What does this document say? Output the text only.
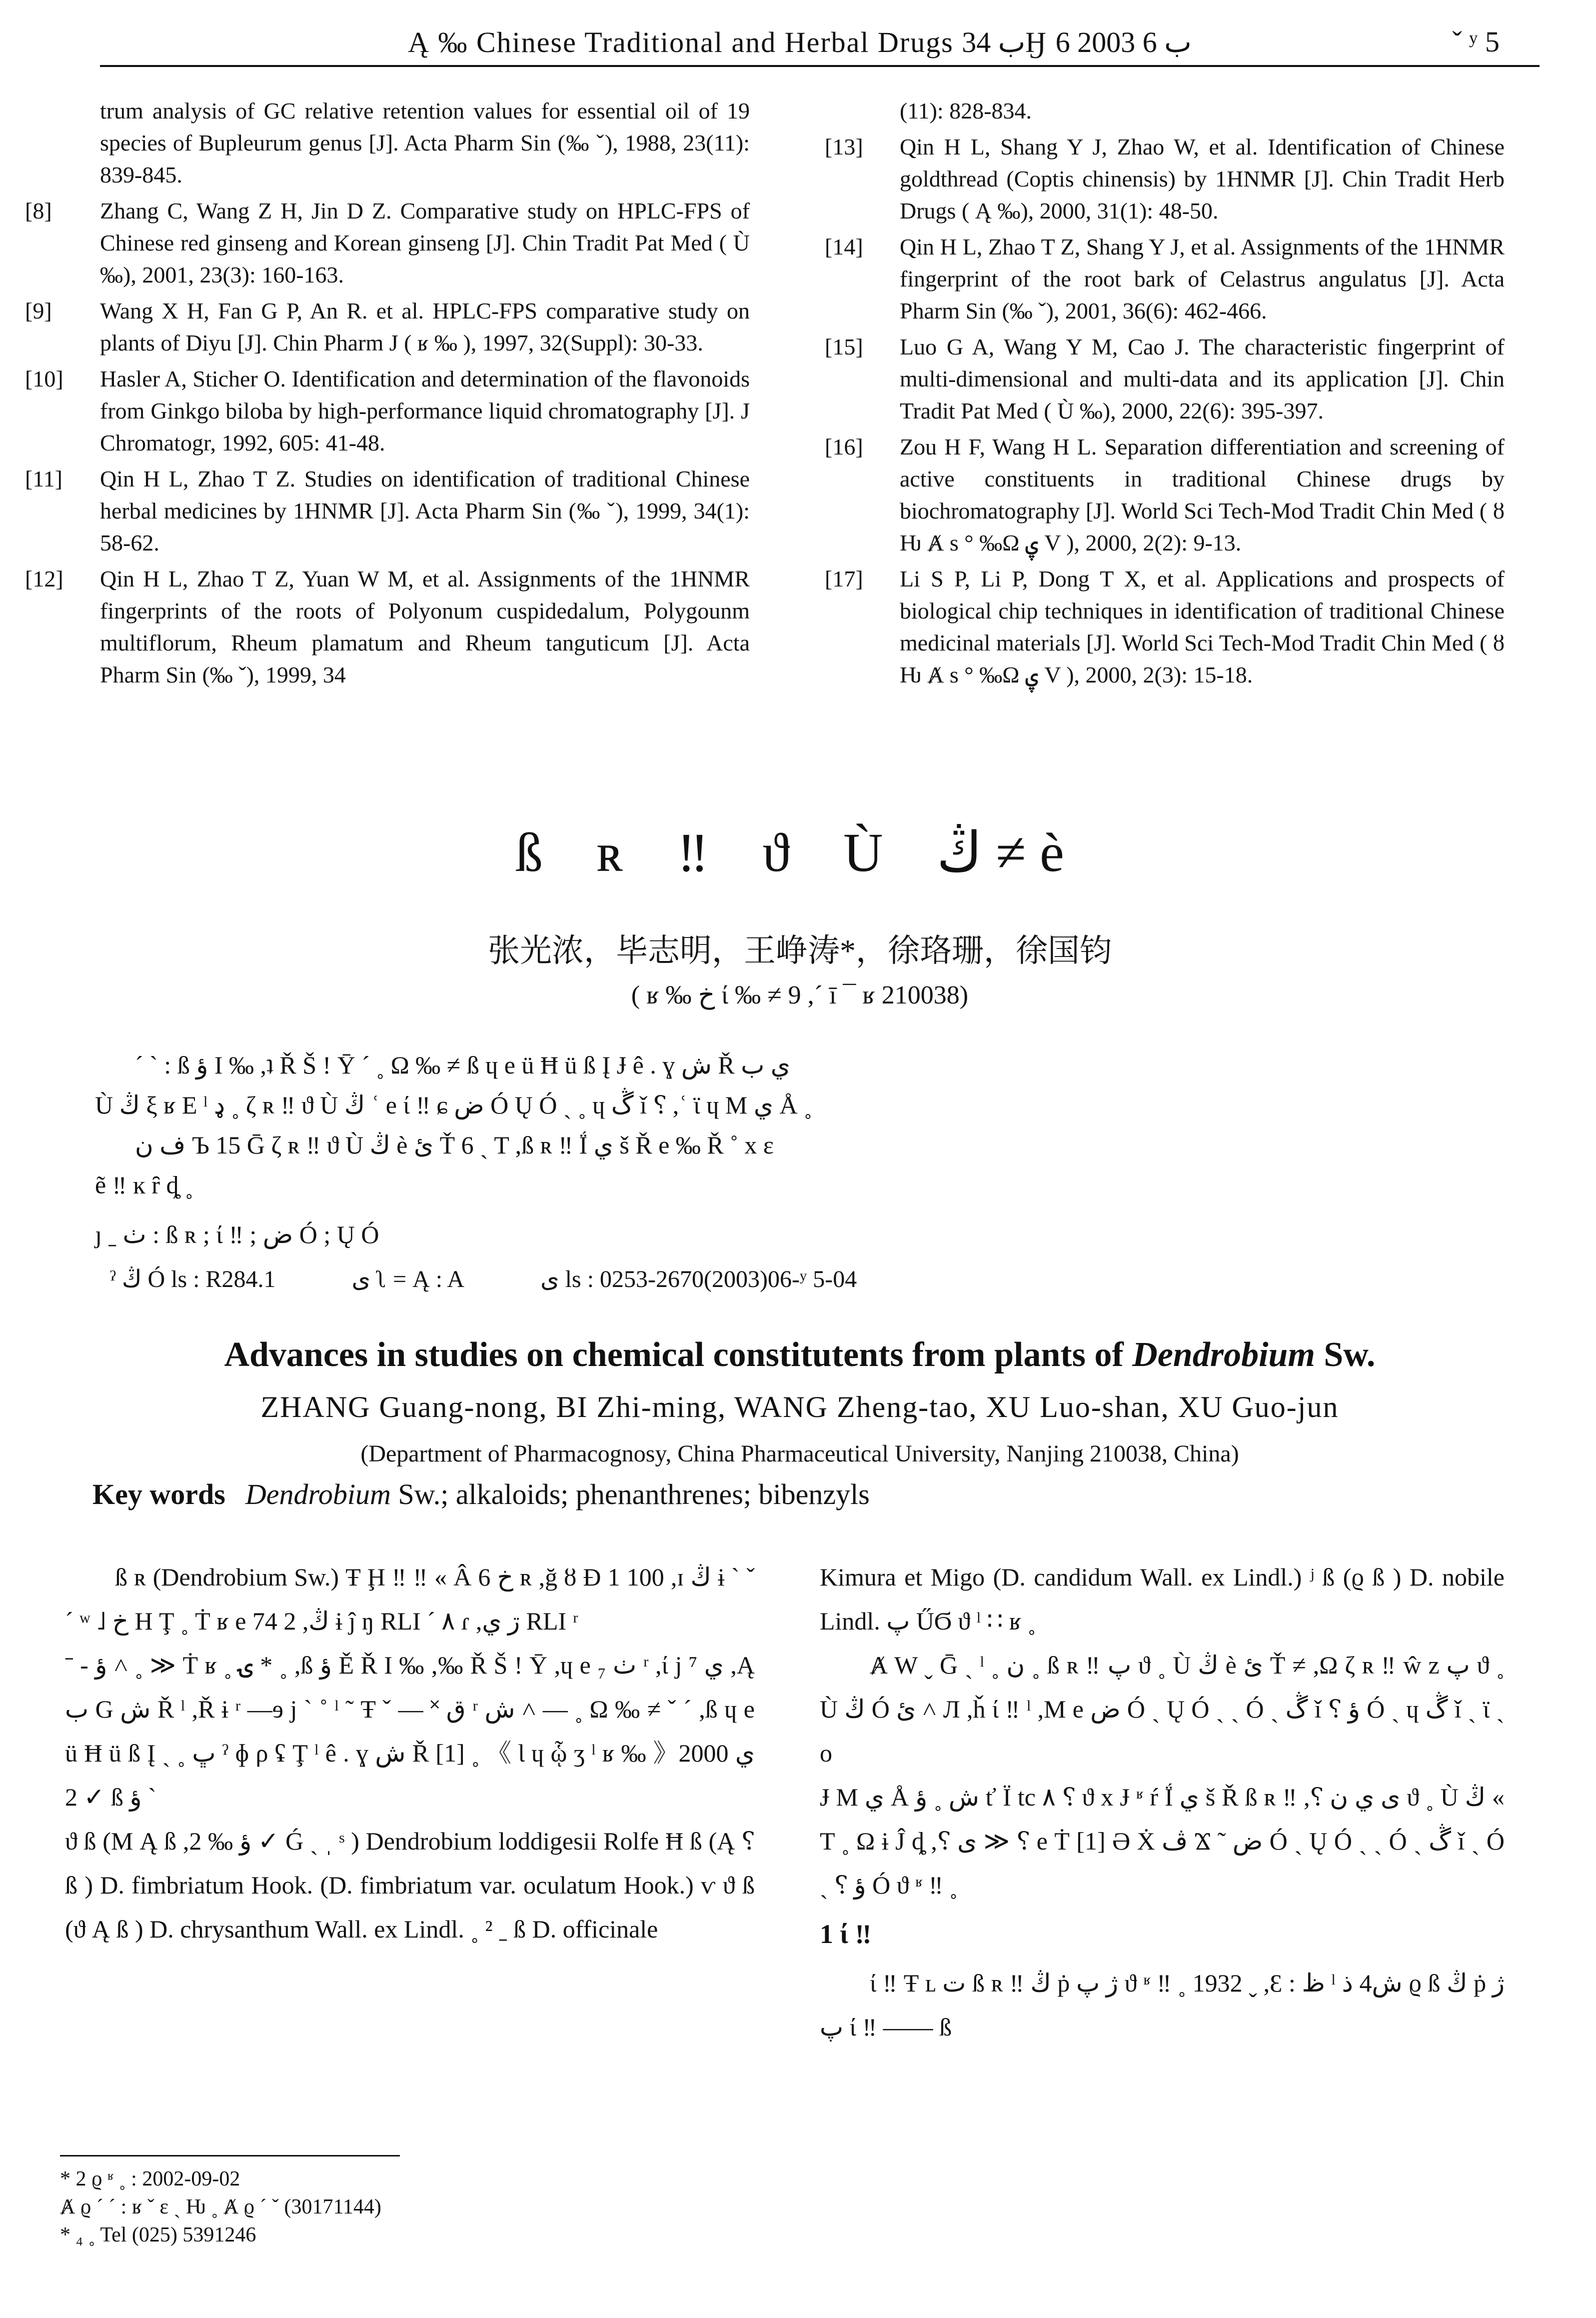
Ą ‰ Chinese Traditional and Herbal Drugs ب 34Ӈ ب 6 2003 6	ˇ ʸ 5
trum analysis of GC relative retention values for essential oil of 19 species of Bupleurum genus [J]. Acta Pharm Sin (‰ ˇ), 1988, 23(11): 839-845.
[8]	Zhang C, Wang Z H, Jin D Z. Comparative study on HPLC-FPS of Chinese red ginseng and Korean ginseng [J]. Chin Tradit Pat Med ( Ù ‰), 2001, 23(3): 160-163.
[9]	Wang X H, Fan G P, An R. et al. HPLC-FPS comparative study on plants of Diyu [J]. Chin Pharm J ( ʁ ‰ ), 1997, 32(Suppl): 30-33.
[10]	Hasler A, Sticher O. Identification and determination of the flavonoids from Ginkgo biloba by high-performance liquid chromatography [J]. J Chromatogr, 1992, 605: 41-48.
[11]	Qin H L, Zhao T Z. Studies on identification of traditional Chinese herbal medicines by 1HNMR [J]. Acta Pharm Sin (‰ ˇ), 1999, 34(1): 58-62.
[12]	Qin H L, Zhao T Z, Yuan W M, et al. Assignments of the 1HNMR fingerprints of the roots of Polyonum cuspidedalum, Polygounm multiflorum, Rheum plamatum and Rheum tanguticum [J]. Acta Pharm Sin (‰ ˇ), 1999, 34
(11): 828-834.
[13]	Qin H L, Shang Y J, Zhao W, et al. Identification of Chinese goldthread (Coptis chinensis) by 1HNMR [J]. Chin Tradit Herb Drugs ( Ą ‰), 2000, 31(1): 48-50.
[14]	Qin H L, Zhao T Z, Shang Y J, et al. Assignments of the 1HNMR fingerprint of the root bark of Celastrus angulatus [J]. Acta Pharm Sin (‰ ˇ), 2001, 36(6): 462-466.
[15]	Luo G A, Wang Y M, Cao J. The characteristic fingerprint of multi-dimensional and multi-data and its application [J]. Chin Tradit Pat Med ( Ù ‰), 2000, 22(6): 395-397.
[16]	Zou H F, Wang H L. Separation differentiation and screening of active constituents in traditional Chinese drugs by biochromatography [J]. World Sci Tech-Mod Tradit Chin Med ( ȣ Ƕ Ⱥ s ° ‰Ω ۑ V ), 2000, 2(2): 9-13.
[17]	Li S P, Li P, Dong T X, et al. Applications and prospects of biological chip techniques in identification of traditional Chinese medicinal materials [J]. World Sci Tech-Mod Tradit Chin Med ( ȣ Ƕ Ⱥ s ° ‰Ω ۑ V ), 2000, 2(3): 15-18.
ß ʀ ‼ ϑ Ù ڭ ≠ è
张光浓，毕志明，王峥涛*，徐珞珊，徐国钧
( ʁ ‰ خ ί ‰ ≠ 9 ,ˊ ī ¯ ʁ 210038)

ˊ ˋ : ß ؤ Ι ‰ ,ʇ Ř Š ǃ Ȳ ˊ ˳ Ω ‰ ≠ ß ɥ e ü Ħ ü ß Į Ɉ ê . ɣ ش Ř ي ب

Ù ڭ ξ ʁ Ε ˡ ډ ˳ ζ ʀ ‼ ϑ Ù ڭ ʿ e ί ‼ ɕ ض Ó Ų Ó ˏ ˳ ɥ ڴ ǐ ⸮ ,ʿ ϊ ɥ M ي Å ˳

ف ن Ъ 15 Ḡ ζ ʀ ‼ ϑ Ù ڭ è ئ Ť 6 ˏ T ,ß ʀ ‼ Ḯ ي š Ř e ‰ Ř ˚ x ε

ẽ ‼ ĸ ȓ ȡ ˳

ȷ ˍ ٺ : ß ʀ ; ί ‼ ; ض Ó ; Ų Ó
ˀ ڭ Ó ls : R284.1	ى ʅ = Ą : A	ى ls : 0253-2670(2003)06-ʸ 5-04
Advances in studies on chemical constitutents from plants of Dendrobium Sw.
ZHANG Guang-nong, BI Zhi-ming, WANG Zheng-tao, XU Luo-shan, XU Guo-jun
(Department of Pharmacognosy, China Pharmaceutical University, Nanjing 210038, China)
Key words Dendrobium Sw.; alkaloids; phenanthrenes; bibenzyls

ß ʀ (Dendrobium Sw.) Ŧ Ḩ ‼ ‼ « Â 6 خ ʀ ,ğ ȣ Ɖ 1 100 ,ɪ ڭ ɨ ˋ ˇ ˊ ʷ ˩ خ H Ţ ˳ Ṫ ʁ e 74 2 ,ڭ ɨ ĵ ŋ RLI ˊ ٨ ɾ ,ڗ ي RLI ʳ

ˉ ‐ ؤ ˄ ˳ ≫ Ṫ ʁ ˳ ۍ * ˳ ,ß ؤ Ě Ř Ι ‰ ,‰ Ř Š ǃ Ȳ ,ɥ e ₇ ٺ ʳ ,ί j ⁷ ي ,Ą ب G ش Ř ˡ ,Ř ɨ ʳ ―ɘ j ˋ ˚ ˡ ˜ Ŧ ˇ ― ˟ ق ʳ ش ˄ ― ˳ Ω ‰ ≠ ˇ ˊ ,ß ɥ e ü Ħ ü ß Į ˎ ˳ ڀ ˀ ɸ ρ ʢ Ţ ˡ ê . ɣ ش Ř [1] ˳ 《 Ɩ ɥ ᾧ ʒ ˡ ʁ ‰ 》2000 ي 2 ✓ ß ؤ ˋ

ϑ ß (M Ą ß ,ؤ ‰ 2 ✓ Ǵ ˏ ˌ ˢ ) Dendrobium loddigesii Rolfe Ħ ß (Ą ⸮ ß ) D. fimbriatum Hook. (D. fimbriatum var. oculatum Hook.) ѵ ϑ ß (ϑ Ą ß ) D. chrysanthum Wall. ex Lindl. ˳ ² ˍ ß D. officinale

Kimura et Migo (D. candidum Wall. ex Lindl.) ʲ ß (ϱ ß ) D. nobile Lindl. پ ŰϬ ϑ ˡ ∷ ʁ ˳

Ⱥ W ˬ Ḡ ˎ ˡ ˳ ن ˳ ß ʀ ‼ پ ϑ ˳ Ù ڭ è ئ Ť ≠ ,Ω ζ ʀ ‼ ŵ z پ ϑ ˳ Ù ڭ Ó ئ ˄ Л ,ȟ ί ‼ ˡ ,M e ض Ó ˎ Ų Ó ˎ ˏ Ó ˎ ڴ ǐ ⸮ ؤ Ó ˏ ɥ ڴ ǐ ˎ ϊ ˎ o

Ɉ M ي Å ش ˳ ؤ ť Ϊ tc ٨ ⸮ ϑ x Ɉ ʶ ŕ Ḯ ي š Ř ß ʀ ‼ ,⸮ ى ي ن ϑ ˳ Ù ڭ « T ˳ Ω ɨ Ĵ ȡ ,⸮ ى ≫ ⸮ e Ṫ [1] Ə Ẋ ڤ Ϫ ˜ ض Ó ˎ Ų Ó ˎ ˏ Ó ˎ ڴ ǐ ˎ Ó ˎ ⸮ ؤ Ó ϑ ʶ ‼ ˳

1 ί ‼

ί ‼ Ŧ ʟ ت ß ʀ ‼ ڭ ṗ ژ پ ϑ ʶ ‼ ˳ 1932 ˬ ,Ɛ : ظ ˡ ش4 ذ ϱ ß ڭ ṗ ژ پ ί ‼ ―― ß

* 2 ϱ ʶ ˳ : 2002-09-02
Ⱥ ϱ ˊ ˊ : ʁ ˇ ε ˏ Ƕ ˳ Ⱥ ϱ ˊ ˇ (30171144)
* ₄ ˳ Tel (025) 5391246
